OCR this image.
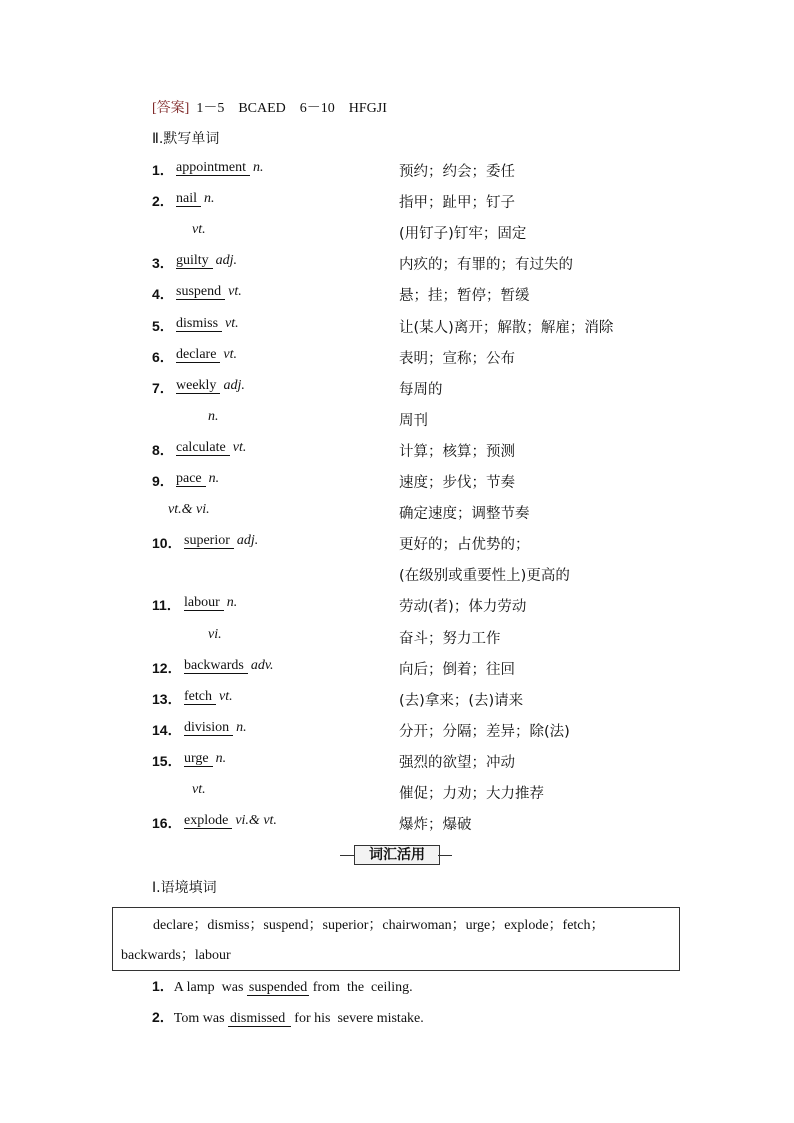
[答案]  1－5　BCAED　6－10　HFGJI
Ⅱ.默写单词
1． appointment n.	预约；约会；委任
2． nail n.	指甲；趾甲；钉子
vt.	(用钉子)钉牢；固定
3． guilty adj.	内疚的；有罪的；有过失的
4． suspend vt.	悬；挂；暂停；暂缓
5． dismiss vt.	让(某人)离开；解散；解雇；消除
6． declare vt.	表明；宣称；公布
7． weekly adj.	每周的
n.	周刊
8． calculate vt.	计算；核算；预测
9． pace n.	速度；步伐；节奏
vt.& vi.	确定速度；调整节奏
10． superior adj.	更好的；占优势的；
(在级别或重要性上)更高的
11． labour n.	劳动(者)；体力劳动
vi.	奋斗；努力工作
12． backwards adv.	向后；倒着；往回
13． fetch vt.	(去)拿来；(去)请来
14． division n.	分开；分隔；差异；除(法)
15． urge n.	强烈的欲望；冲动
vt.	催促；力劝；大力推荐
16． explode vi.& vt.	爆炸；爆破
词汇活用
Ⅰ.语境填词
declare；dismiss；suspend；superior；chairwoman；urge；explode；fetch；
backwards；labour
1．A lamp  was suspended from  the  ceiling.
2．Tom was dismissed  for his  severe mistake.
